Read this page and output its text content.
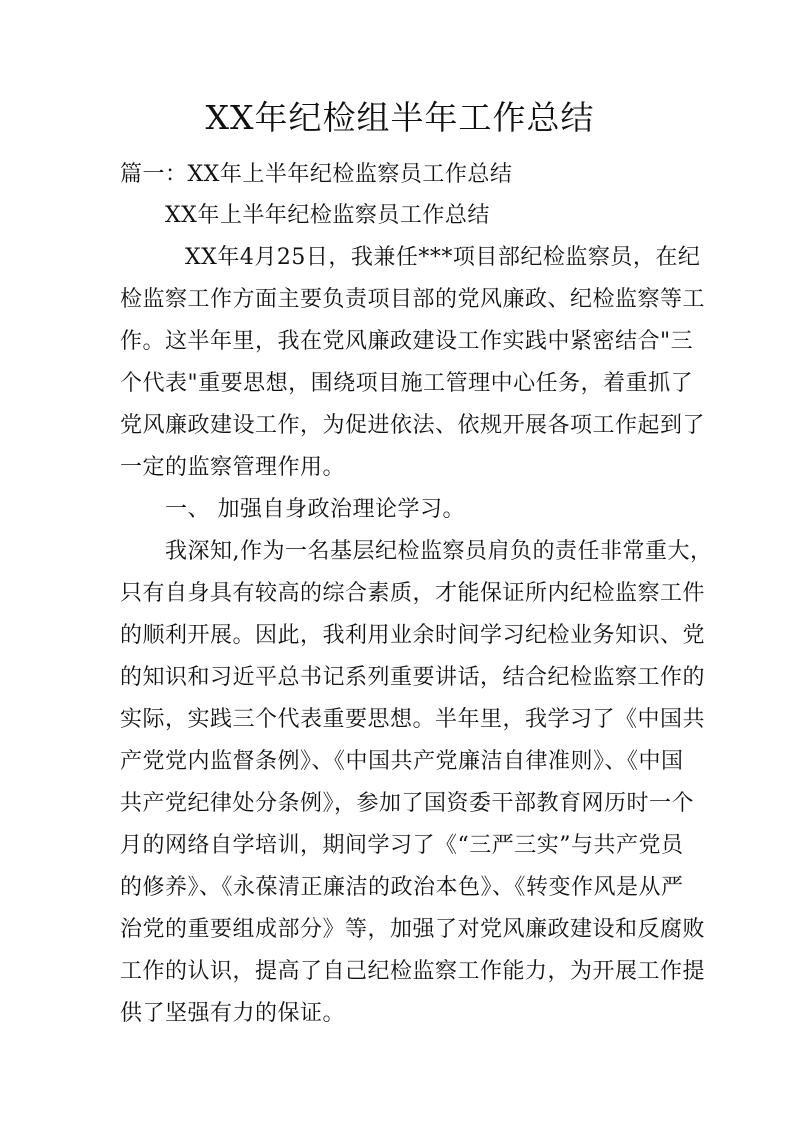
XX年纪检组半年工作总结
篇一：XX年上半年纪检监察员工作总结
XX年上半年纪检监察员工作总结
XX年4月25日，我兼任***项目部纪检监察员，在纪
检监察工作方面主要负责项目部的党风廉政、纪检监察等工
作。这半年里，我在党风廉政建设工作实践中紧密结合"三
个代表"重要思想，围绕项目施工管理中心任务，着重抓了
党风廉政建设工作，为促进依法、依规开展各项工作起到了
一定的监察管理作用。
一、 加强自身政治理论学习。
我深知,作为一名基层纪检监察员肩负的责任非常重大，
只有自身具有较高的综合素质，才能保证所内纪检监察工件
的顺利开展。因此，我利用业余时间学习纪检业务知识、党
的知识和习近平总书记系列重要讲话，结合纪检监察工作的
实际，实践三个代表重要思想。半年里，我学习了《中国共
产党党内监督条例》、《中国共产党廉洁自律准则》、《中国
共产党纪律处分条例》，参加了国资委干部教育网历时一个
月的网络自学培训，期间学习了《“三严三实”与共产党员
的修养》、《永葆清正廉洁的政治本色》、《转变作风是从严
治党的重要组成部分》等，加强了对党风廉政建设和反腐败
工作的认识，提高了自己纪检监察工作能力，为开展工作提
供了坚强有力的保证。
